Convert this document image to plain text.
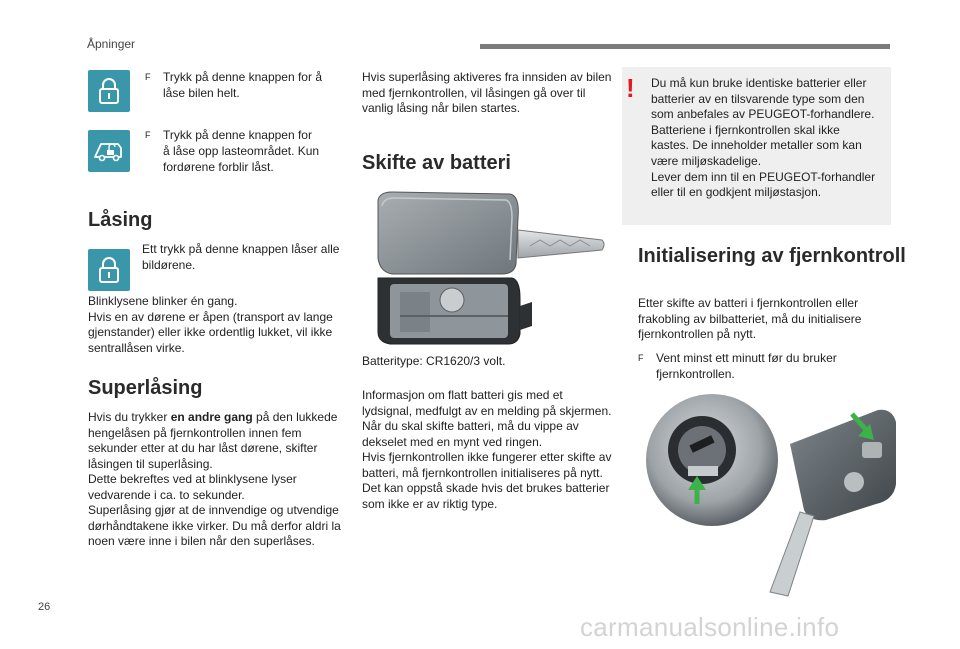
Åpninger
F Trykk på denne knappen for å
låse bilen helt.
F Trykk på denne knappen for
å låse opp lasteområdet. Kun
fordørene forblir låst.
Låsing
Ett trykk på denne knappen låser alle
bildørene.
Blinklysene blinker én gang.
Hvis en av dørene er åpen (transport av lange
gjenstander) eller ikke ordentlig lukket, vil ikke
sentrallåsen virke.
Superlåsing
Hvis du trykker en andre gang på den lukkede
hengelåsen på fjernkontrollen innen fem
sekunder etter at du har låst dørene, skifter
låsingen til superlåsing.
Dette bekreftes ved at blinklysene lyser
vedvarende i ca. to sekunder.
Superlåsing gjør at de innvendige og utvendige
dørhåndtakene ikke virker. Du må derfor aldri la
noen være inne i bilen når den superlåses.
Hvis superlåsing aktiveres fra innsiden av bilen
med fjernkontrollen, vil låsingen gå over til
vanlig låsing når bilen startes.
Skifte av batteri
Batteritype: CR1620/3 volt.
Informasjon om flatt batteri gis med et
lydsignal, medfulgt av en melding på skjermen.
Når du skal skifte batteri, må du vippe av
dekselet med en mynt ved ringen.
Hvis fjernkontrollen ikke fungerer etter skifte av
batteri, må fjernkontrollen initialiseres på nytt.
Det kan oppstå skade hvis det brukes batterier
som ikke er av riktig type.
! Du må kun bruke identiske batterier eller
batterier av en tilsvarende type som den
som anbefales av PEUGEOT-forhandlere.
Batteriene i fjernkontrollen skal ikke
kastes. De inneholder metaller som kan
være miljøskadelige.
Lever dem inn til en PEUGEOT-forhandler
eller til en godkjent miljøstasjon.
Initialisering av fjernkontroll
Etter skifte av batteri i fjernkontrollen eller
frakobling av bilbatteriet, må du initialisere
fjernkontrollen på nytt.
F Vent minst ett minutt før du bruker
fjernkontrollen.
26
carmanualsonline.info
